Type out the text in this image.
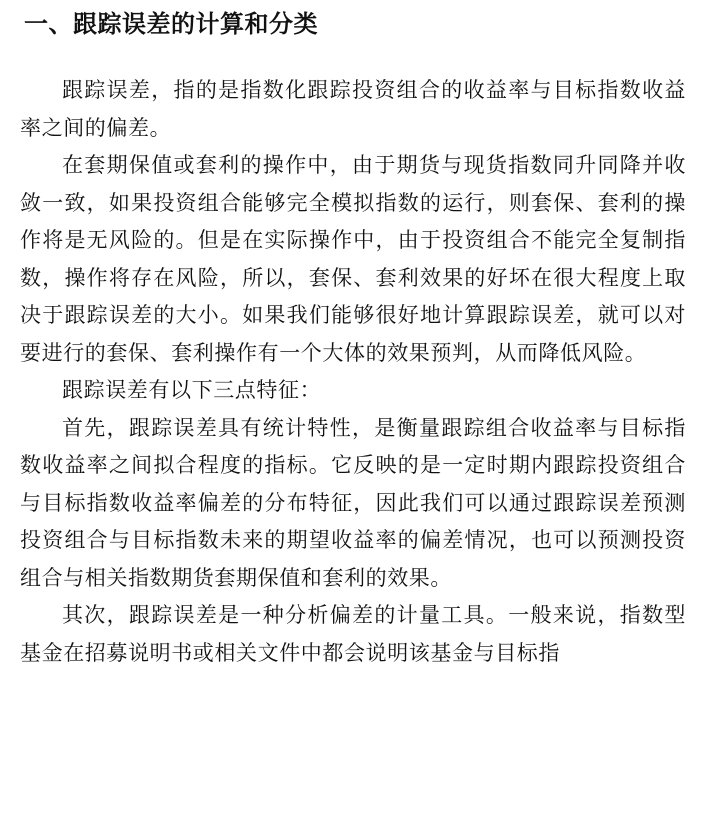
一、跟踪误差的计算和分类

跟踪误差，指的是指数化跟踪投资组合的收益率与目标指数收益率之间的偏差。

在套期保值或套利的操作中，由于期货与现货指数同升同降并收敛一致，如果投资组合能够完全模拟指数的运行，则套保、套利的操作将是无风险的。但是在实际操作中，由于投资组合不能完全复制指数，操作将存在风险，所以，套保、套利效果的好坏在很大程度上取决于跟踪误差的大小。如果我们能够很好地计算跟踪误差，就可以对要进行的套保、套利操作有一个大体的效果预判，从而降低风险。

跟踪误差有以下三点特征：

首先，跟踪误差具有统计特性，是衡量跟踪组合收益率与目标指数收益率之间拟合程度的指标。它反映的是一定时期内跟踪投资组合与目标指数收益率偏差的分布特征，因此我们可以通过跟踪误差预测投资组合与目标指数未来的期望收益率的偏差情况，也可以预测投资组合与相关指数期货套期保值和套利的效果。

其次，跟踪误差是一种分析偏差的计量工具。一般来说，指数型基金在招募说明书或相关文件中都会说明该基金与目标指
